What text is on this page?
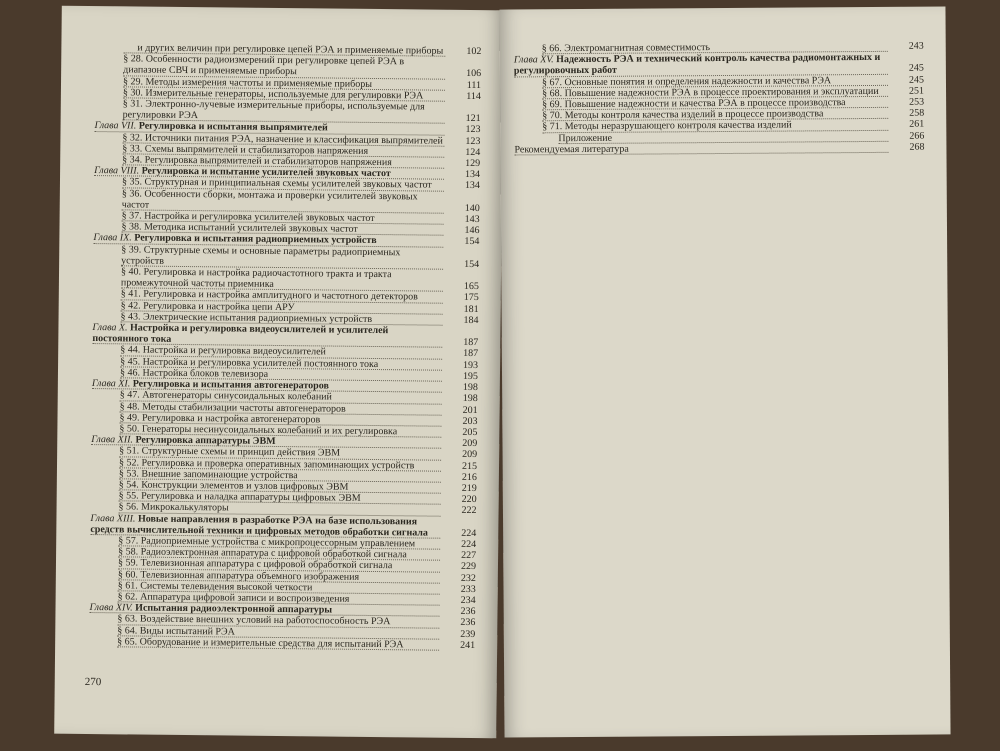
и других величин при регулировке цепей РЭА и применяемые приборы	102
§ 28. Особенности радиоизмерений при регулировке цепей РЭА в диапазоне СВЧ и применяемые приборы	106
§ 29. Методы измерения частоты и применяемые приборы	111
§ 30. Измерительные генераторы, используемые для регулировки РЭА	114
§ 31. Электронно-лучевые измерительные приборы, используемые для регулировки РЭА	121
Глава VII. Регулировка и испытания выпрямителей	123
§ 32. Источники питания РЭА, назначение и классификация выпрямителей	123
§ 33. Схемы выпрямителей и стабилизаторов напряжения	124
§ 34. Регулировка выпрямителей и стабилизаторов напряжения	129
Глава VIII. Регулировка и испытание усилителей звуковых частот	134
§ 35. Структурная и принципиальная схемы усилителей звуковых частот	134
§ 36. Особенности сборки, монтажа и проверки усилителей звуковых частот	140
§ 37. Настройка и регулировка усилителей звуковых частот	143
§ 38. Методика испытаний усилителей звуковых частот	146
Глава IX. Регулировка и испытания радиоприемных устройств	154
§ 39. Структурные схемы и основные параметры радиоприемных устройств	154
§ 40. Регулировка и настройка радиочастотного тракта и тракта промежуточной частоты приемника	165
§ 41. Регулировка и настройка амплитудного и частотного детекторов	175
§ 42. Регулировка и настройка цепи АРУ	181
§ 43. Электрические испытания радиоприемных устройств	184
Глава X. Настройка и регулировка видеоусилителей и усилителей постоянного тока	187
§ 44. Настройка и регулировка видеоусилителей	187
§ 45. Настройка и регулировка усилителей постоянного тока	193
§ 46. Настройка блоков телевизора	195
Глава XI. Регулировка и испытания автогенераторов	198
§ 47. Автогенераторы синусоидальных колебаний	198
§ 48. Методы стабилизации частоты автогенераторов	201
§ 49. Регулировка и настройка автогенераторов	203
§ 50. Генераторы несинусоидальных колебаний и их регулировка	205
Глава XII. Регулировка аппаратуры ЭВМ	209
§ 51. Структурные схемы и принцип действия ЭВМ	209
§ 52. Регулировка и проверка оперативных запоминающих устройств	215
§ 53. Внешние запоминающие устройства	216
§ 54. Конструкции элементов и узлов цифровых ЭВМ	219
§ 55. Регулировка и наладка аппаратуры цифровых ЭВМ	220
§ 56. Микрокалькуляторы	222
Глава XIII. Новые направления в разработке РЭА на базе использования средств вычислительной техники и цифровых методов обработки сигнала	224
§ 57. Радиоприемные устройства с микропроцессорным управлением	224
§ 58. Радиоэлектронная аппаратура с цифровой обработкой сигнала	227
§ 59. Телевизионная аппаратура с цифровой обработкой сигнала	229
§ 60. Телевизионная аппаратура объемного изображения	232
§ 61. Системы телевидения высокой четкости	233
§ 62. Аппаратура цифровой записи и воспроизведения	234
Глава XIV. Испытания радиоэлектронной аппаратуры	236
§ 63. Воздействие внешних условий на работоспособность РЭА	236
§ 64. Виды испытаний РЭА	239
§ 65. Оборудование и измерительные средства для испытаний РЭА	241
270
§ 66. Электромагнитная совместимость	243
Глава XV. Надежность РЭА и технический контроль качества радиомонтажных и регулировочных работ	245
§ 67. Основные понятия и определения надежности и качества РЭА	245
§ 68. Повышение надежности РЭА в процессе проектирования и эксплуатации	251
§ 69. Повышение надежности и качества РЭА в процессе производства	253
§ 70. Методы контроля качества изделий в процессе производства	258
§ 71. Методы неразрушающего контроля качества изделий	261
Приложение	266
Рекомендуемая литература	268
